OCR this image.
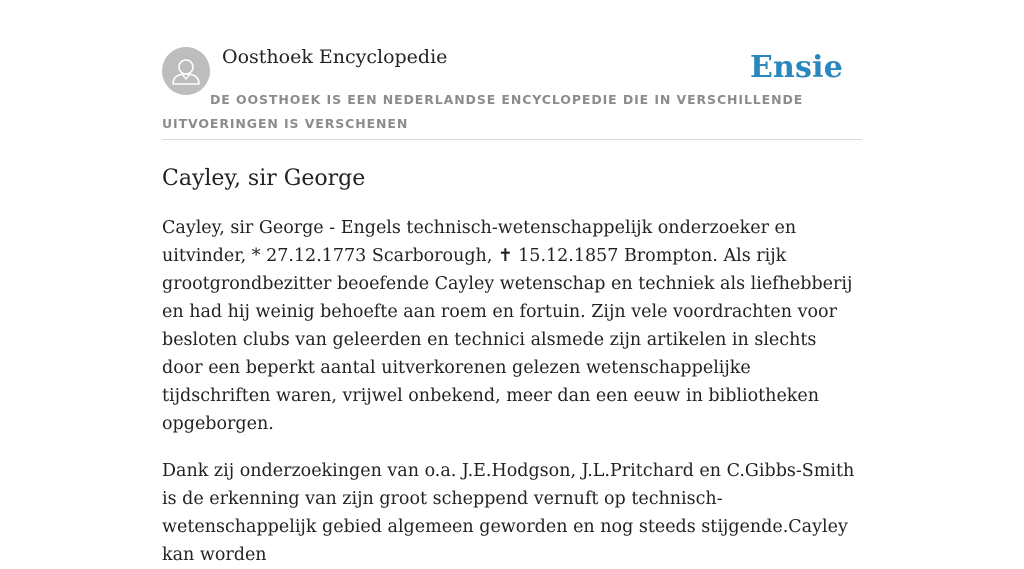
Oosthoek Encyclopedie	Ensie
DE OOSTHOEK IS EEN NEDERLANDSE ENCYCLOPEDIE DIE IN VERSCHILLENDE UITVOERINGEN IS VERSCHENEN
Cayley, sir George

Cayley, sir George - Engels technisch-wetenschappelijk onderzoeker en uitvinder, * 27.12.1773 Scarborough, ✝ 15.12.1857 Brompton. Als rijk grootgrondbezitter beoefende Cayley wetenschap en techniek als liefhebberij en had hij weinig behoefte aan roem en fortuin. Zijn vele voordrachten voor besloten clubs van geleerden en technici alsmede zijn artikelen in slechts door een beperkt aantal uitverkorenen gelezen wetenschappelijke tijdschriften waren, vrijwel onbekend, meer dan een eeuw in bibliotheken opgeborgen.

Dank zij onderzoekingen van o.a. J.E.Hodgson, J.L.Pritchard en C.Gibbs-Smith is de erkenning van zijn groot scheppend vernuft op technisch-wetenschappelijk gebied algemeen geworden en nog steeds stijgende.Cayley kan worden
